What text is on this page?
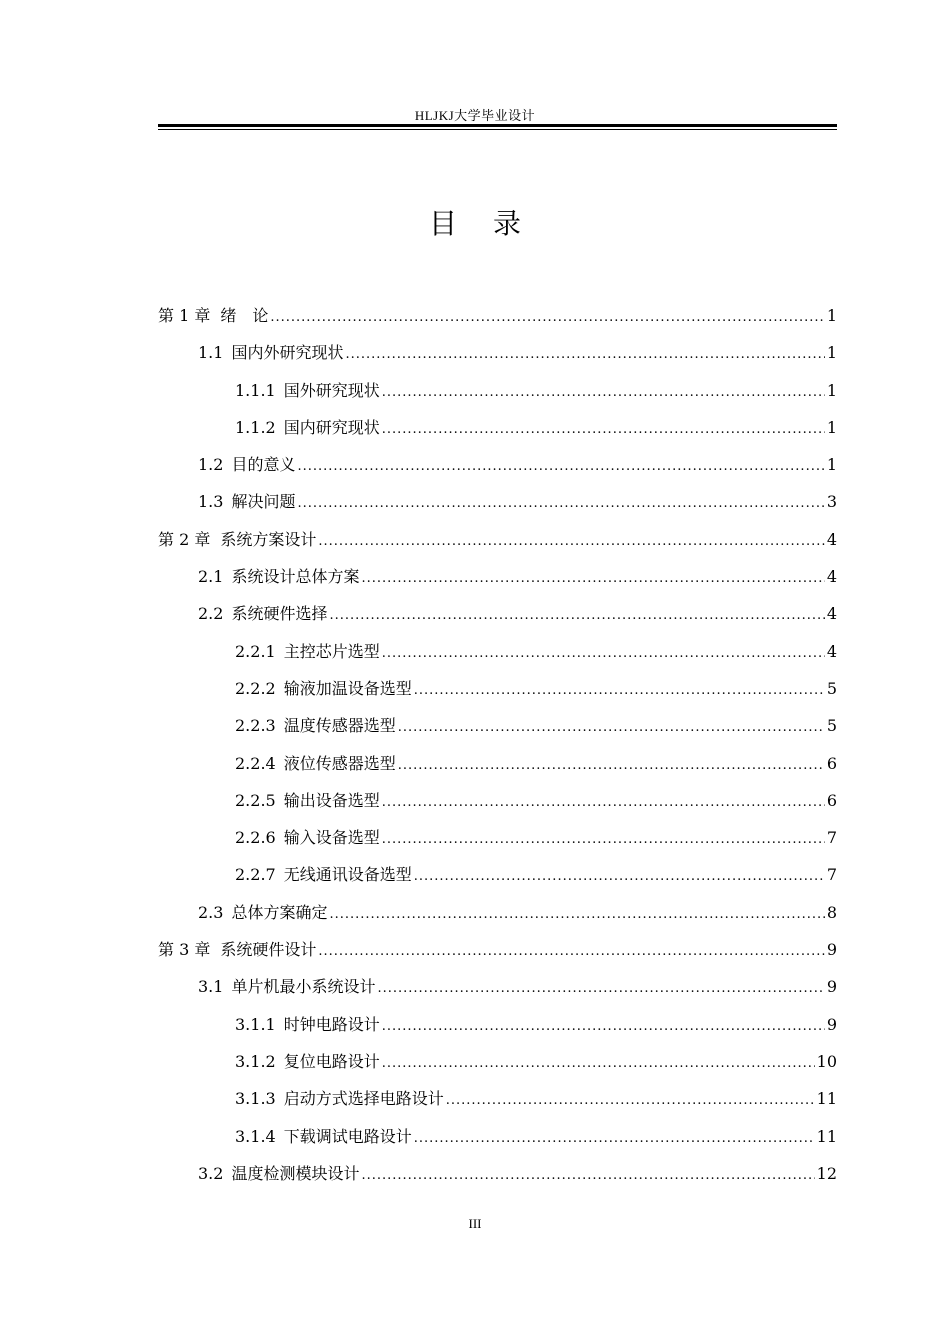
HLJKJ大学毕业设计
目录
第 1 章 绪　论 .....	1
1.1 国内外研究现状 .....	1
1.1.1 国外研究现状 .....	1
1.1.2 国内研究现状 .....	1
1.2 目的意义 .....	1
1.3 解决问题 .....	3
第 2 章 系统方案设计 .....	4
2.1 系统设计总体方案 .....	4
2.2 系统硬件选择 .....	4
2.2.1 主控芯片选型 .....	4
2.2.2 输液加温设备选型 .....	5
2.2.3 温度传感器选型 .....	5
2.2.4 液位传感器选型 .....	6
2.2.5 输出设备选型 .....	6
2.2.6 输入设备选型 .....	7
2.2.7 无线通讯设备选型 .....	7
2.3 总体方案确定 .....	8
第 3 章 系统硬件设计 .....	9
3.1 单片机最小系统设计 .....	9
3.1.1 时钟电路设计 .....	9
3.1.2 复位电路设计 .....	10
3.1.3 启动方式选择电路设计 .....	11
3.1.4 下载调试电路设计 .....	11
3.2 温度检测模块设计 .....	12
III
